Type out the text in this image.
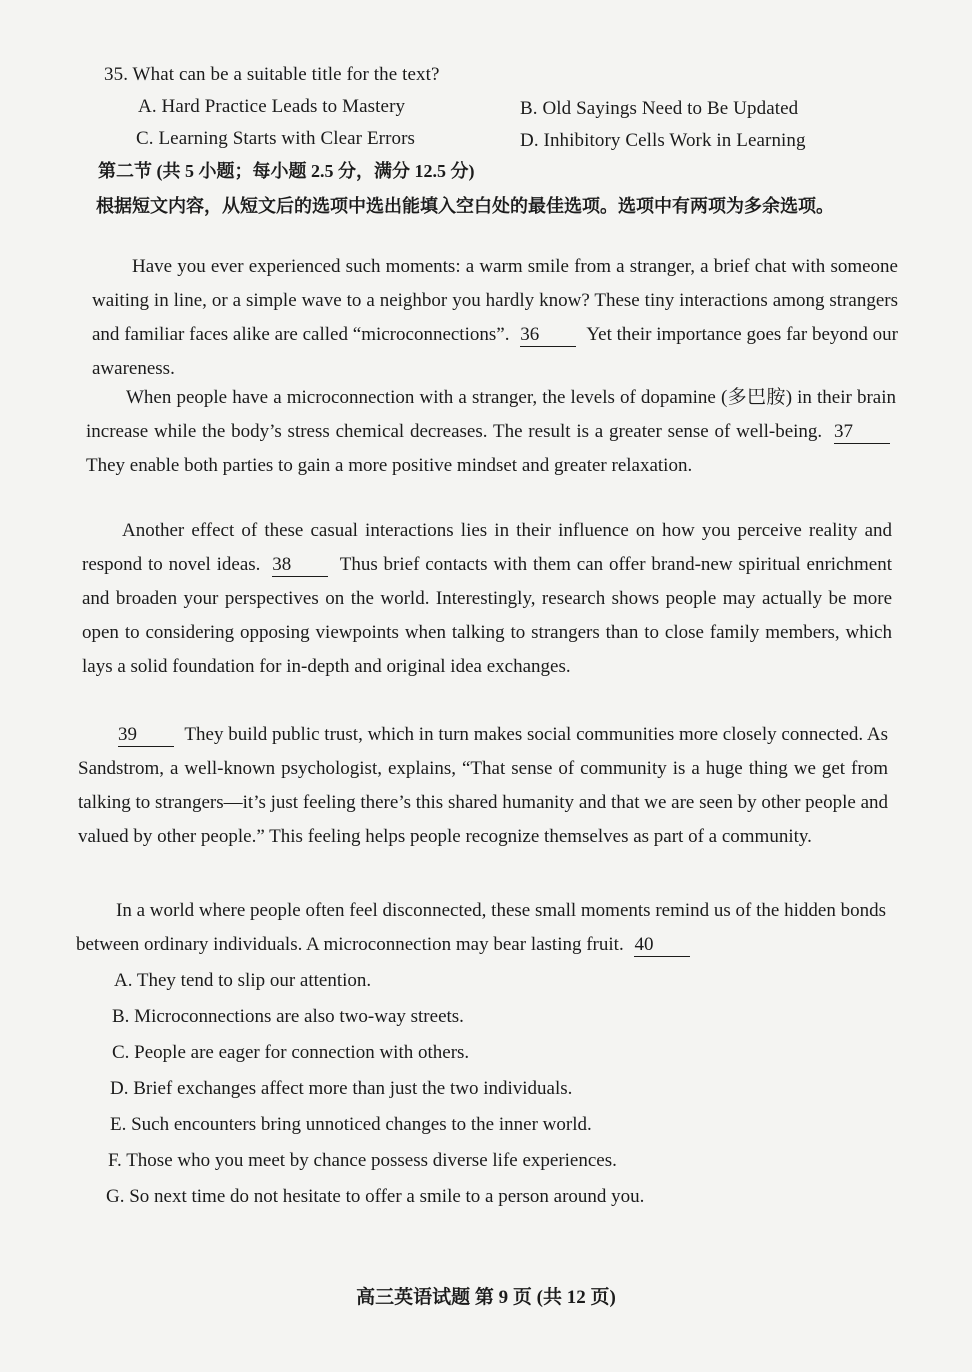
35. What can be a suitable title for the text?
A. Hard Practice Leads to Mastery	B. Old Sayings Need to Be Updated
C. Learning Starts with Clear Errors	D. Inhibitory Cells Work in Learning
第二节 (共 5 小题；每小题 2.5 分，满分 12.5 分)
根据短文内容，从短文后的选项中选出能填入空白处的最佳选项。选项中有两项为多余选项。
Have you ever experienced such moments: a warm smile from a stranger, a brief chat with someone waiting in line, or a simple wave to a neighbor you hardly know? These tiny interactions among strangers and familiar faces alike are called “microconnections”. 36 Yet their importance goes far beyond our awareness.
When people have a microconnection with a stranger, the levels of dopamine (多巴胺) in their brain increase while the body’s stress chemical decreases. The result is a greater sense of well-being. 37 They enable both parties to gain a more positive mindset and greater relaxation.
Another effect of these casual interactions lies in their influence on how you perceive reality and respond to novel ideas. 38	Thus brief contacts with them can offer brand-new spiritual enrichment and broaden your perspectives on the world. Interestingly, research shows people may actually be more open to considering opposing viewpoints when talking to strangers than to close family members, which lays a solid foundation for in-depth and original idea exchanges.
39 They build public trust, which in turn makes social communities more closely connected. As Sandstrom, a well-known psychologist, explains, “That sense of community is a huge thing we get from talking to strangers—it’s just feeling there’s this shared humanity and that we are seen by other people and valued by other people.” This feeling helps people recognize themselves as part of a community.
In a world where people often feel disconnected, these small moments remind us of the hidden bonds between ordinary individuals. A microconnection may bear lasting fruit. 40
A. They tend to slip our attention.
B. Microconnections are also two-way streets.
C. People are eager for connection with others.
D. Brief exchanges affect more than just the two individuals.
E. Such encounters bring unnoticed changes to the inner world.
F. Those who you meet by chance possess diverse life experiences.
G. So next time do not hesitate to offer a smile to a person around you.
高三英语试题 第 9 页 (共 12 页)
